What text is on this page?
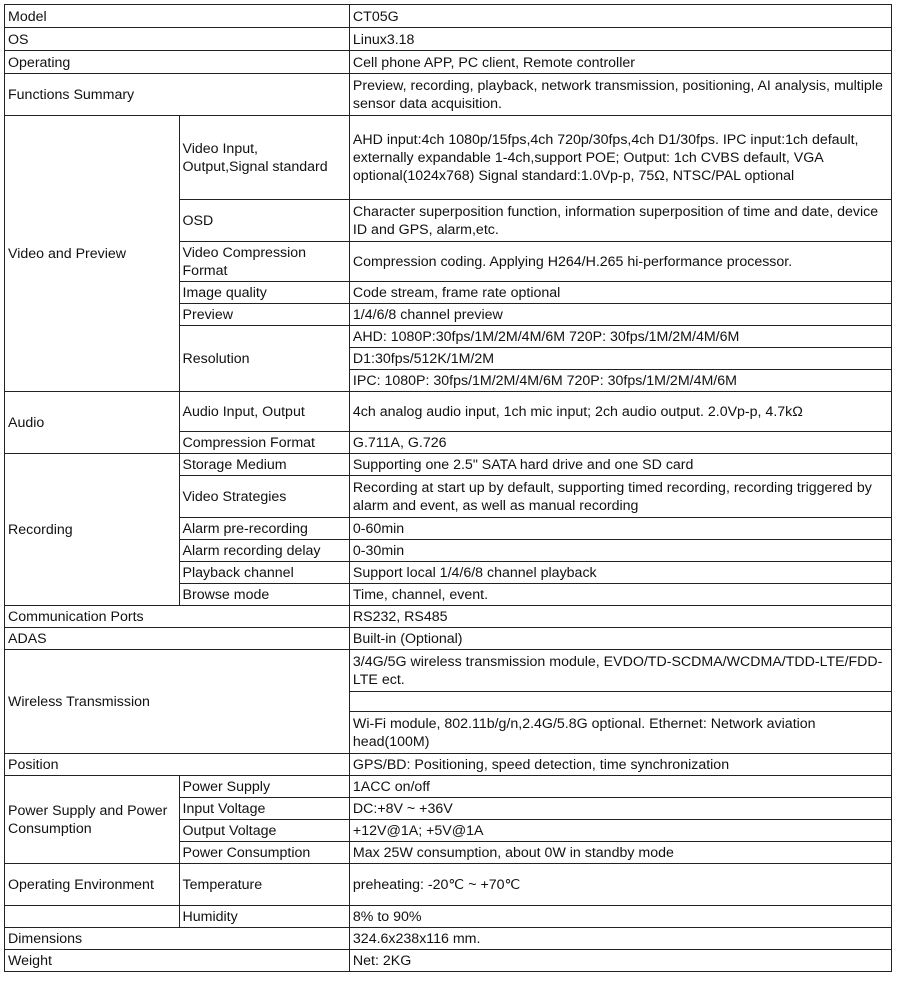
Model		CT05G
OS		Linux3.18
Operating		Cell phone APP, PC client, Remote controller
Functions Summary		Preview, recording, playback, network transmission, positioning, AI analysis, multiple sensor data acquisition.
Video and Preview	Video Input, Output,Signal standard	AHD input:4ch 1080p/15fps,4ch 720p/30fps,4ch D1/30fps. IPC input:1ch default, externally expandable 1-4ch,support POE; Output: 1ch CVBS default, VGA optional(1024x768) Signal standard:1.0Vp-p, 75Ω, NTSC/PAL optional
	OSD	Character superposition function, information superposition of time and date, device ID and GPS, alarm,etc.
	Video Compression Format	Compression coding. Applying H264/H.265 hi-performance processor.
	Image quality	Code stream, frame rate optional
	Preview	1/4/6/8 channel preview
	Resolution	AHD: 1080P:30fps/1M/2M/4M/6M 720P: 30fps/1M/2M/4M/6M
		D1:30fps/512K/1M/2M
		IPC: 1080P: 30fps/1M/2M/4M/6M 720P: 30fps/1M/2M/4M/6M
Audio	Audio Input, Output	4ch analog audio input, 1ch mic input; 2ch audio output. 2.0Vp-p, 4.7kΩ
	Compression Format	G.711A, G.726
Recording	Storage Medium	Supporting one 2.5" SATA hard drive and one SD card
	Video Strategies	Recording at start up by default, supporting timed recording, recording triggered by alarm and event, as well as manual recording
	Alarm pre-recording	0-60min
	Alarm recording delay	0-30min
	Playback channel	Support local 1/4/6/8 channel playback
	Browse mode	Time, channel, event.
Communication Ports		RS232, RS485
ADAS		Built-in (Optional)
Wireless Transmission		3/4G/5G wireless transmission module, EVDO/TD-SCDMA/WCDMA/TDD-LTE/FDD-LTE ect.

		Wi-Fi module, 802.11b/g/n,2.4G/5.8G optional. Ethernet: Network aviation head(100M)
Position		GPS/BD: Positioning, speed detection, time synchronization
Power Supply and Power Consumption	Power Supply	1ACC on/off
	Input Voltage	DC:+8V ~ +36V
	Output Voltage	+12V@1A; +5V@1A
	Power Consumption	Max 25W consumption, about 0W in standby mode
Operating Environment	Temperature	preheating: -20℃ ~ +70℃
	Humidity	8% to 90%
Dimensions		324.6x238x116 mm.
Weight		Net: 2KG
